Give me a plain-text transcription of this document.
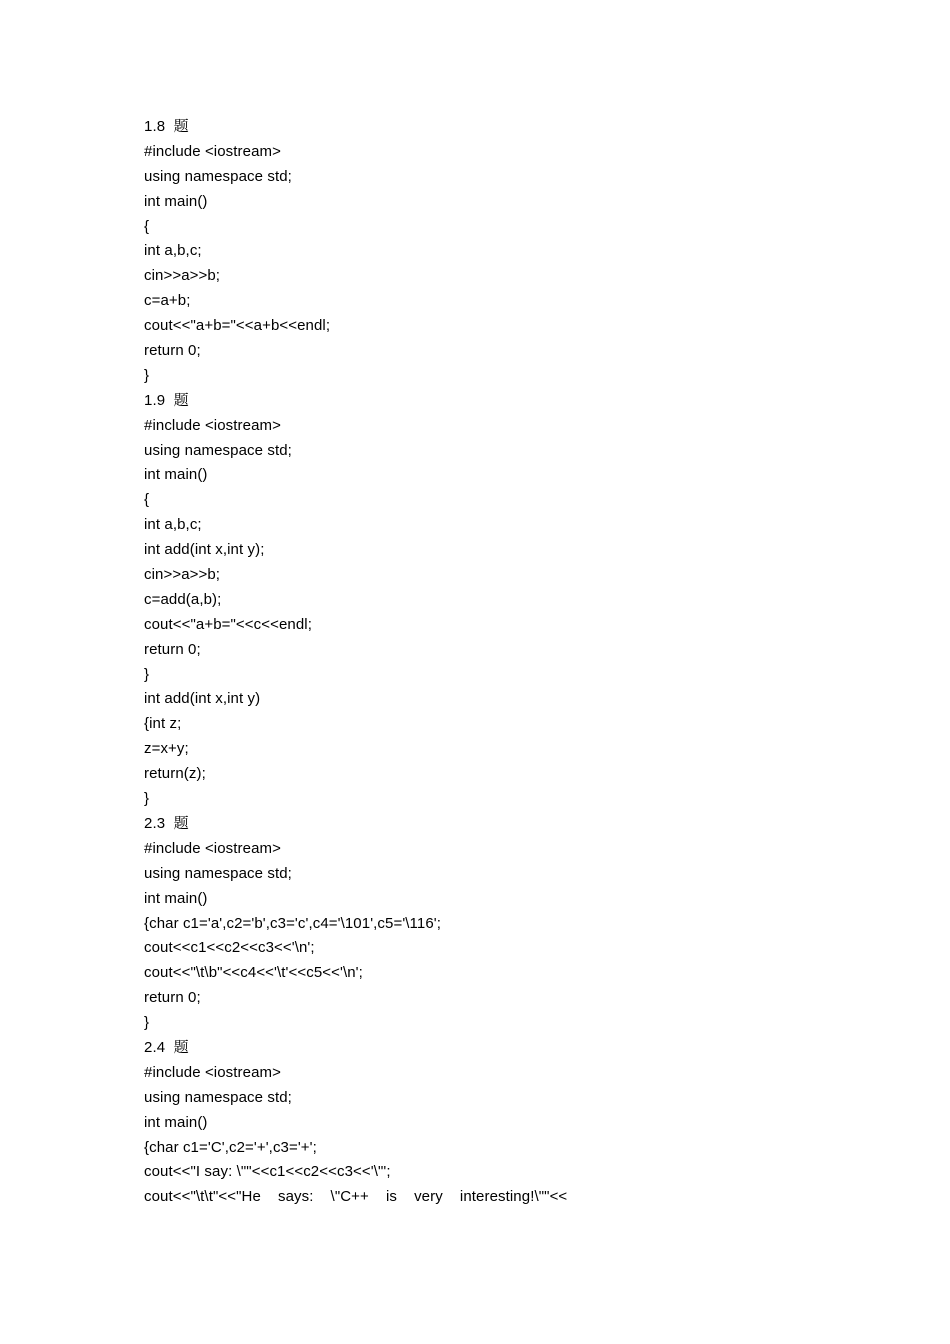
1.8  题
#include <iostream>
using namespace std;
int main()
{
int a,b,c;
cin>>a>>b;
c=a+b;
cout<<"a+b="<<a+b<<endl;
return 0;
}
1.9  题
#include <iostream>
using namespace std;
int main()
{
int a,b,c;
int add(int x,int y);
cin>>a>>b;
c=add(a,b);
cout<<"a+b="<<c<<endl;
return 0;
}
int add(int x,int y)
{int z;
z=x+y;
return(z);
}
2.3  题
#include <iostream>
using namespace std;
int main()
{char c1='a',c2='b',c3='c',c4='\101',c5='\116';
cout<<c1<<c2<<c3<<'\n';
cout<<"\t\b"<<c4<<'\t'<<c5<<'\n';
return 0;
}
2.4  题
#include <iostream>
using namespace std;
int main()
{char c1='C',c2='+',c3='+';
cout<<"I say: \""<<c1<<c2<<c3<<'\"';
cout<<"\t\t"<<"He    says:    \"C++    is    very    interesting!\""<<
